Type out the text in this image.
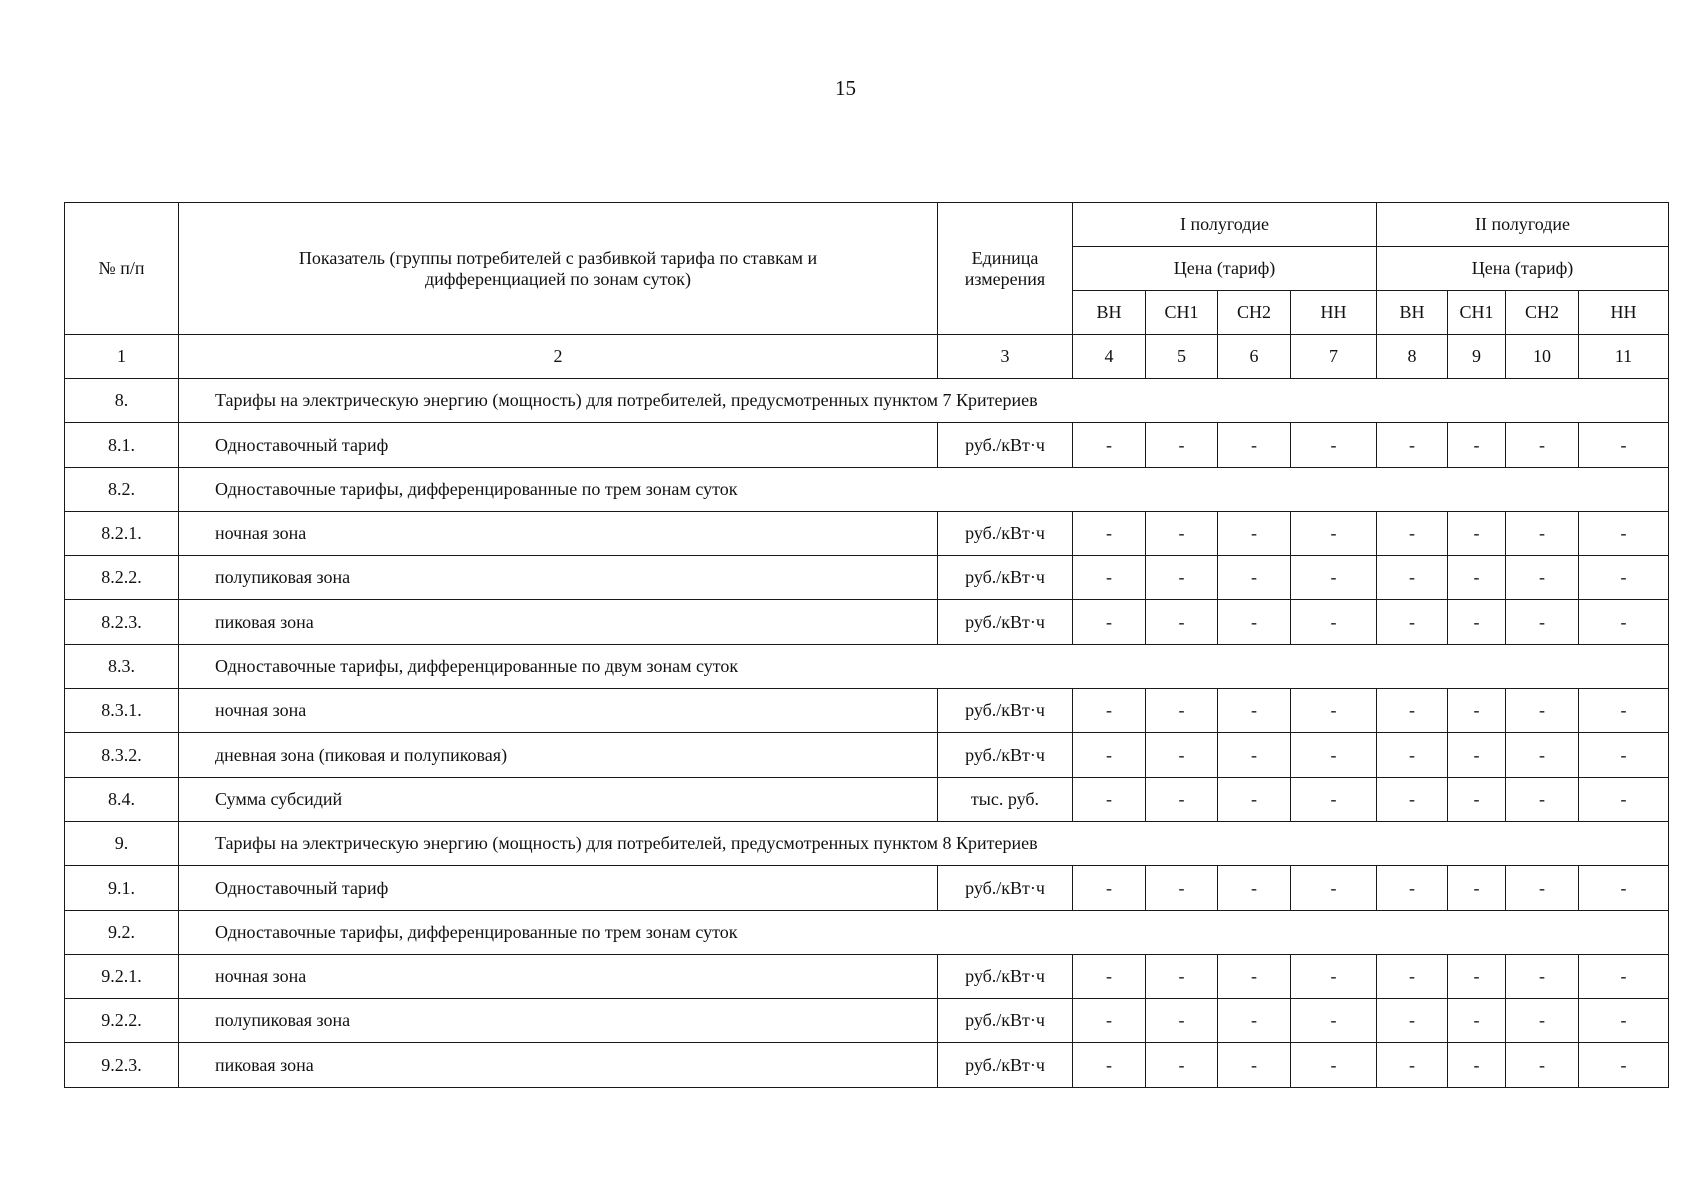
15
№ п/п	Показатель (группы потребителей с разбивкой тарифа по ставкам и дифференциацией по зонам суток)	Единица измерения	I полугодие				II полугодие			
			Цена (тариф)				Цена (тариф)			
			ВН	СН1	СН2	НН	ВН	СН1	СН2	НН
1	2	3	4	5	6	7	8	9	10	11
8.	Тарифы на электрическую энергию (мощность) для потребителей, предусмотренных пунктом 7 Критериев									
8.1.	Одноставочный тариф	руб./кВт·ч	-	-	-	-	-	-	-	-
8.2.	Одноставочные тарифы, дифференцированные по трем зонам суток									
8.2.1.	ночная зона	руб./кВт·ч	-	-	-	-	-	-	-	-
8.2.2.	полупиковая зона	руб./кВт·ч	-	-	-	-	-	-	-	-
8.2.3.	пиковая зона	руб./кВт·ч	-	-	-	-	-	-	-	-
8.3.	Одноставочные тарифы, дифференцированные по двум зонам суток									
8.3.1.	ночная зона	руб./кВт·ч	-	-	-	-	-	-	-	-
8.3.2.	дневная зона (пиковая и полупиковая)	руб./кВт·ч	-	-	-	-	-	-	-	-
8.4.	Сумма субсидий	тыс. руб.	-	-	-	-	-	-	-	-
9.	Тарифы на электрическую энергию (мощность) для потребителей, предусмотренных пунктом 8 Критериев									
9.1.	Одноставочный тариф	руб./кВт·ч	-	-	-	-	-	-	-	-
9.2.	Одноставочные тарифы, дифференцированные по трем зонам суток									
9.2.1.	ночная зона	руб./кВт·ч	-	-	-	-	-	-	-	-
9.2.2.	полупиковая зона	руб./кВт·ч	-	-	-	-	-	-	-	-
9.2.3.	пиковая зона	руб./кВт·ч	-	-	-	-	-	-	-	-
